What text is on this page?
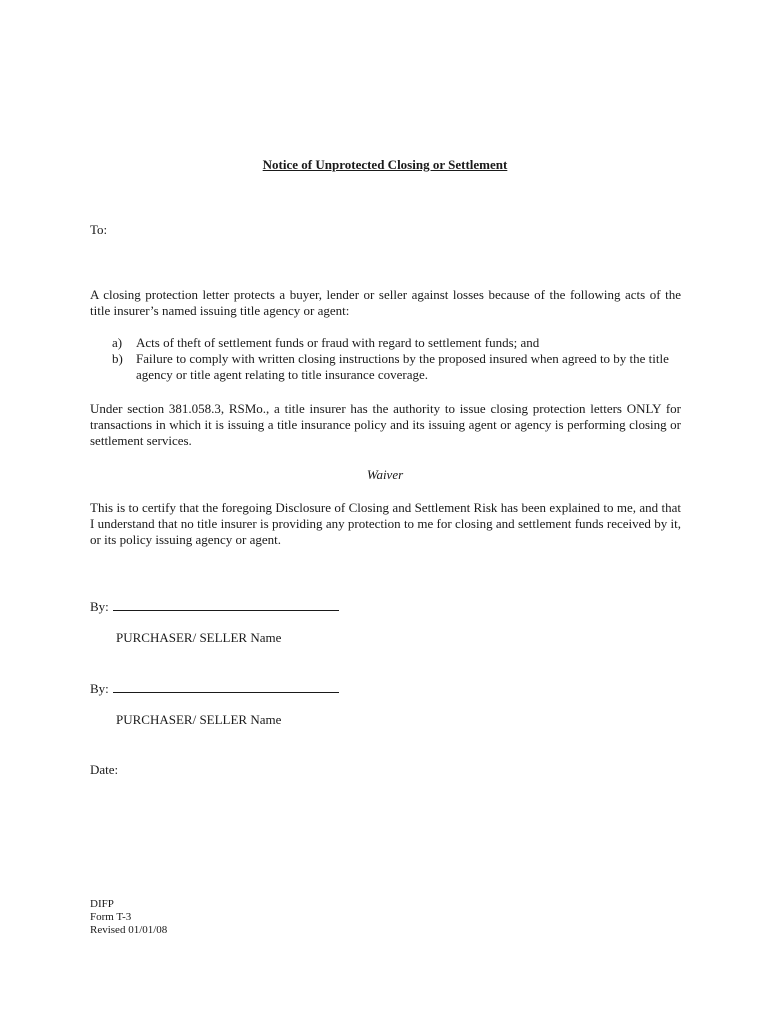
Notice of Unprotected Closing or Settlement
To:
A closing protection letter protects a buyer, lender or seller against losses because of the following acts of the title insurer’s named issuing title agency or agent:
a)	Acts of theft of settlement funds or fraud with regard to settlement funds; and
b)	Failure to comply with written closing instructions by the proposed insured when agreed to by the title agency or title agent relating to title insurance coverage.
Under section 381.058.3, RSMo., a title insurer has the authority to issue closing protection letters ONLY for transactions in which it is issuing a title insurance policy and its issuing agent or agency is performing closing or settlement services.
Waiver
This is to certify that the foregoing Disclosure of Closing and Settlement Risk has been explained to me, and that I understand that no title insurer is providing any protection to me for closing and settlement funds received by it, or its policy issuing agency or agent.
By:
PURCHASER/ SELLER Name
By:
PURCHASER/ SELLER Name
Date:
DIFP
Form T-3
Revised 01/01/08
